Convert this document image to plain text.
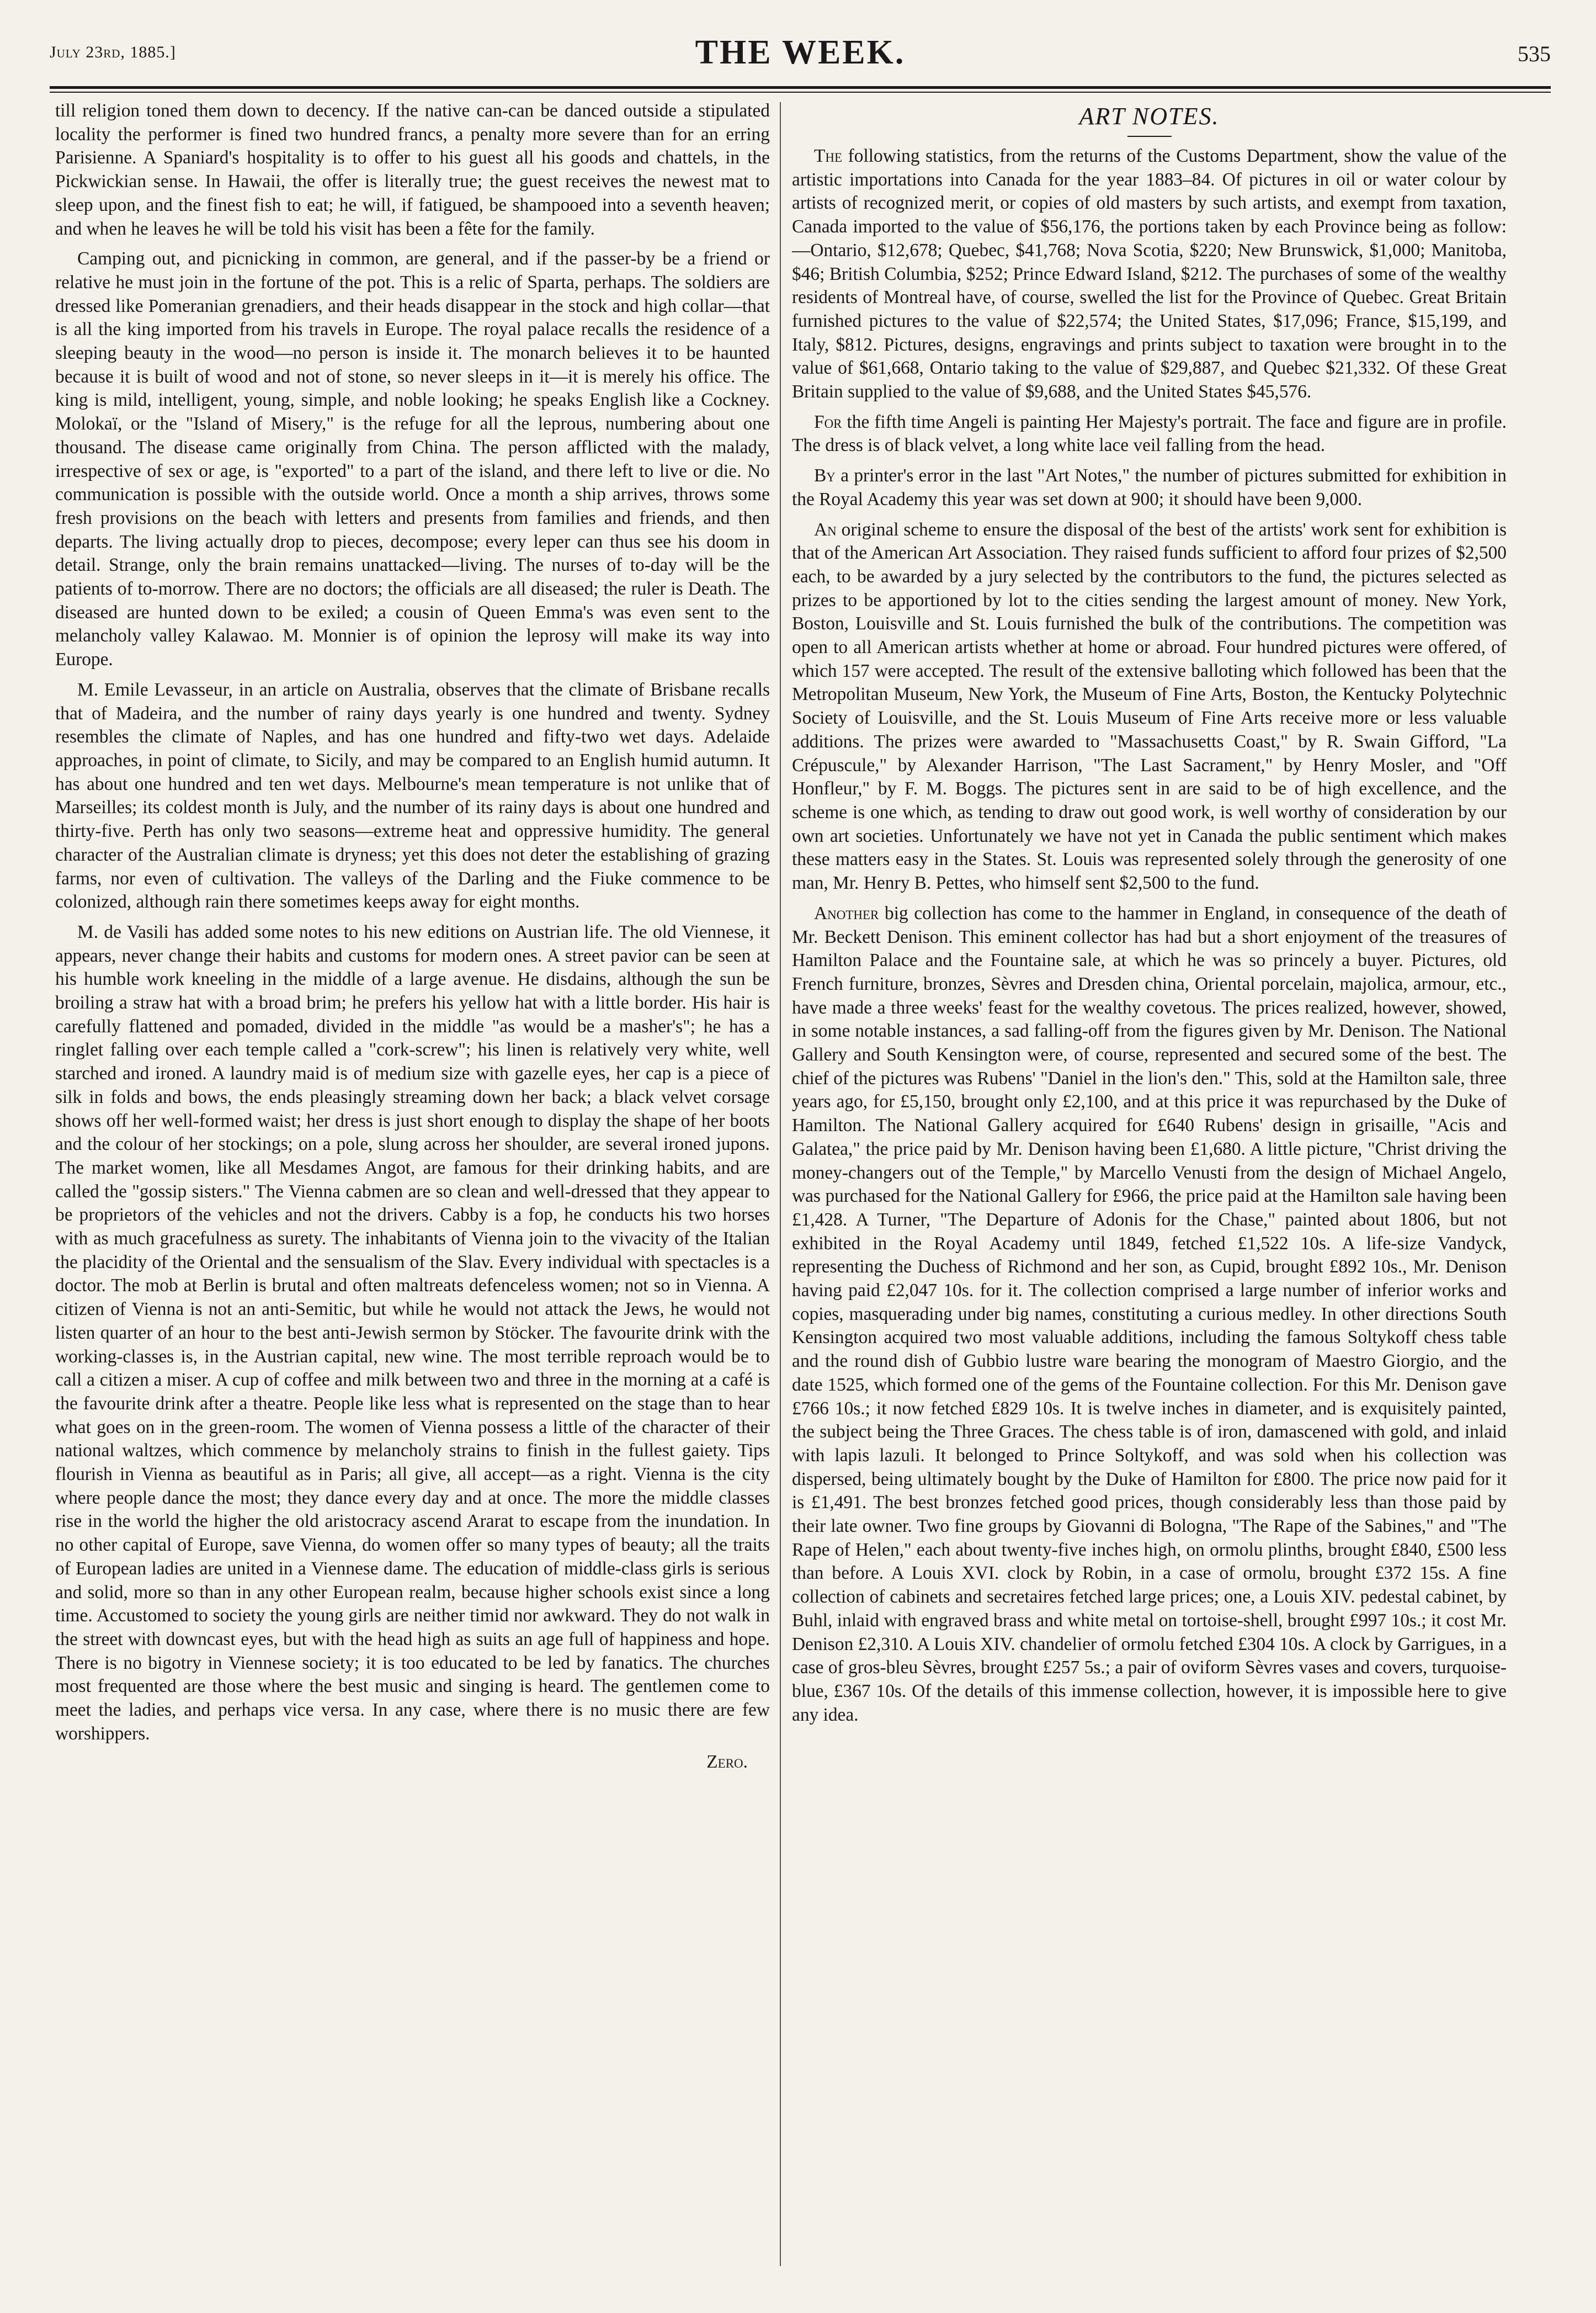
July 23rd, 1885.]	THE WEEK.	535

till religion toned them down to decency. If the native can-can be danced outside a stipulated locality the performer is fined two hundred francs, a penalty more severe than for an erring Parisienne. A Spaniard's hospitality is to offer to his guest all his goods and chattels, in the Pickwickian sense. In Hawaii, the offer is literally true; the guest receives the newest mat to sleep upon, and the finest fish to eat; he will, if fatigued, be shampooed into a seventh heaven; and when he leaves he will be told his visit has been a fête for the family.

Camping out, and picnicking in common, are general, and if the passer-by be a friend or relative he must join in the fortune of the pot. This is a relic of Sparta, perhaps. The soldiers are dressed like Pomeranian grenadiers, and their heads disappear in the stock and high collar—that is all the king imported from his travels in Europe. The royal palace recalls the residence of a sleeping beauty in the wood—no person is inside it. The monarch believes it to be haunted because it is built of wood and not of stone, so never sleeps in it—it is merely his office. The king is mild, intelligent, young, simple, and noble looking; he speaks English like a Cockney. Molokaï, or the "Island of Misery," is the refuge for all the leprous, numbering about one thousand. The disease came originally from China. The person afflicted with the malady, irrespective of sex or age, is "exported" to a part of the island, and there left to live or die. No communication is possible with the outside world. Once a month a ship arrives, throws some fresh provisions on the beach with letters and presents from families and friends, and then departs. The living actually drop to pieces, decompose; every leper can thus see his doom in detail. Strange, only the brain remains unattacked—living. The nurses of to-day will be the patients of to-morrow. There are no doctors; the officials are all diseased; the ruler is Death. The diseased are hunted down to be exiled; a cousin of Queen Emma's was even sent to the melancholy valley Kalawao. M. Monnier is of opinion the leprosy will make its way into Europe.

M. Emile Levasseur, in an article on Australia, observes that the climate of Brisbane recalls that of Madeira, and the number of rainy days yearly is one hundred and twenty. Sydney resembles the climate of Naples, and has one hundred and fifty-two wet days. Adelaide approaches, in point of climate, to Sicily, and may be compared to an English humid autumn. It has about one hundred and ten wet days. Melbourne's mean temperature is not unlike that of Marseilles; its coldest month is July, and the number of its rainy days is about one hundred and thirty-five. Perth has only two seasons—extreme heat and oppressive humidity. The general character of the Australian climate is dryness; yet this does not deter the establishing of grazing farms, nor even of cultivation. The valleys of the Darling and the Fiuke commence to be colonized, although rain there sometimes keeps away for eight months.

M. de Vasili has added some notes to his new editions on Austrian life. The old Viennese, it appears, never change their habits and customs for modern ones. A street pavior can be seen at his humble work kneeling in the middle of a large avenue. He disdains, although the sun be broiling a straw hat with a broad brim; he prefers his yellow hat with a little border. His hair is carefully flattened and pomaded, divided in the middle "as would be a masher's"; he has a ringlet falling over each temple called a "cork-screw"; his linen is relatively very white, well starched and ironed. A laundry maid is of medium size with gazelle eyes, her cap is a piece of silk in folds and bows, the ends pleasingly streaming down her back; a black velvet corsage shows off her well-formed waist; her dress is just short enough to display the shape of her boots and the colour of her stockings; on a pole, slung across her shoulder, are several ironed jupons. The market women, like all Mesdames Angot, are famous for their drinking habits, and are called the "gossip sisters." The Vienna cabmen are so clean and well-dressed that they appear to be proprietors of the vehicles and not the drivers. Cabby is a fop, he conducts his two horses with as much gracefulness as surety. The inhabitants of Vienna join to the vivacity of the Italian the placidity of the Oriental and the sensualism of the Slav. Every individual with spectacles is a doctor. The mob at Berlin is brutal and often maltreats defenceless women; not so in Vienna. A citizen of Vienna is not an anti-Semitic, but while he would not attack the Jews, he would not listen quarter of an hour to the best anti-Jewish sermon by Stöcker. The favourite drink with the working-classes is, in the Austrian capital, new wine. The most terrible reproach would be to call a citizen a miser. A cup of coffee and milk between two and three in the morning at a café is the favourite drink after a theatre. People like less what is represented on the stage than to hear what goes on in the green-room. The women of Vienna possess a little of the character of their national waltzes, which commence by melancholy strains to finish in the fullest gaiety. Tips flourish in Vienna as beautiful as in Paris; all give, all accept—as a right. Vienna is the city where people dance the most; they dance every day and at once. The more the middle classes rise in the world the higher the old aristocracy ascend Ararat to escape from the inundation. In no other capital of Europe, save Vienna, do women offer so many types of beauty; all the traits of European ladies are united in a Viennese dame. The education of middle-class girls is serious and solid, more so than in any other European realm, because higher schools exist since a long time. Accustomed to society the young girls are neither timid nor awkward. They do not walk in the street with downcast eyes, but with the head high as suits an age full of happiness and hope. There is no bigotry in Viennese society; it is too educated to be led by fanatics. The churches most frequented are those where the best music and singing is heard. The gentlemen come to meet the ladies, and perhaps vice versa. In any case, where there is no music there are few worshippers.

Zero.
ART NOTES.

The following statistics, from the returns of the Customs Department, show the value of the artistic importations into Canada for the year 1883–84. Of pictures in oil or water colour by artists of recognized merit, or copies of old masters by such artists, and exempt from taxation, Canada imported to the value of $56,176, the portions taken by each Province being as follow:—Ontario, $12,678; Quebec, $41,768; Nova Scotia, $220; New Brunswick, $1,000; Manitoba, $46; British Columbia, $252; Prince Edward Island, $212. The purchases of some of the wealthy residents of Montreal have, of course, swelled the list for the Province of Quebec. Great Britain furnished pictures to the value of $22,574; the United States, $17,096; France, $15,199, and Italy, $812. Pictures, designs, engravings and prints subject to taxation were brought in to the value of $61,668, Ontario taking to the value of $29,887, and Quebec $21,332. Of these Great Britain supplied to the value of $9,688, and the United States $45,576.

For the fifth time Angeli is painting Her Majesty's portrait. The face and figure are in profile. The dress is of black velvet, a long white lace veil falling from the head.

By a printer's error in the last "Art Notes," the number of pictures submitted for exhibition in the Royal Academy this year was set down at 900; it should have been 9,000.

An original scheme to ensure the disposal of the best of the artists' work sent for exhibition is that of the American Art Association. They raised funds sufficient to afford four prizes of $2,500 each, to be awarded by a jury selected by the contributors to the fund, the pictures selected as prizes to be apportioned by lot to the cities sending the largest amount of money. New York, Boston, Louisville and St. Louis furnished the bulk of the contributions. The competition was open to all American artists whether at home or abroad. Four hundred pictures were offered, of which 157 were accepted. The result of the extensive balloting which followed has been that the Metropolitan Museum, New York, the Museum of Fine Arts, Boston, the Kentucky Polytechnic Society of Louisville, and the St. Louis Museum of Fine Arts receive more or less valuable additions. The prizes were awarded to "Massachusetts Coast," by R. Swain Gifford, "La Crépuscule," by Alexander Harrison, "The Last Sacrament," by Henry Mosler, and "Off Honfleur," by F. M. Boggs. The pictures sent in are said to be of high excellence, and the scheme is one which, as tending to draw out good work, is well worthy of consideration by our own art societies. Unfortunately we have not yet in Canada the public sentiment which makes these matters easy in the States. St. Louis was represented solely through the generosity of one man, Mr. Henry B. Pettes, who himself sent $2,500 to the fund.

Another big collection has come to the hammer in England, in consequence of the death of Mr. Beckett Denison. This eminent collector has had but a short enjoyment of the treasures of Hamilton Palace and the Fountaine sale, at which he was so princely a buyer. Pictures, old French furniture, bronzes, Sèvres and Dresden china, Oriental porcelain, majolica, armour, etc., have made a three weeks' feast for the wealthy covetous. The prices realized, however, showed, in some notable instances, a sad falling-off from the figures given by Mr. Denison. The National Gallery and South Kensington were, of course, represented and secured some of the best. The chief of the pictures was Rubens' "Daniel in the lion's den." This, sold at the Hamilton sale, three years ago, for £5,150, brought only £2,100, and at this price it was repurchased by the Duke of Hamilton. The National Gallery acquired for £640 Rubens' design in grisaille, "Acis and Galatea," the price paid by Mr. Denison having been £1,680. A little picture, "Christ driving the money-changers out of the Temple," by Marcello Venusti from the design of Michael Angelo, was purchased for the National Gallery for £966, the price paid at the Hamilton sale having been £1,428. A Turner, "The Departure of Adonis for the Chase," painted about 1806, but not exhibited in the Royal Academy until 1849, fetched £1,522 10s. A life-size Vandyck, representing the Duchess of Richmond and her son, as Cupid, brought £892 10s., Mr. Denison having paid £2,047 10s. for it. The collection comprised a large number of inferior works and copies, masquerading under big names, constituting a curious medley. In other directions South Kensington acquired two most valuable additions, including the famous Soltykoff chess table and the round dish of Gubbio lustre ware bearing the monogram of Maestro Giorgio, and the date 1525, which formed one of the gems of the Fountaine collection. For this Mr. Denison gave £766 10s.; it now fetched £829 10s. It is twelve inches in diameter, and is exquisitely painted, the subject being the Three Graces. The chess table is of iron, damascened with gold, and inlaid with lapis lazuli. It belonged to Prince Soltykoff, and was sold when his collection was dispersed, being ultimately bought by the Duke of Hamilton for £800. The price now paid for it is £1,491. The best bronzes fetched good prices, though considerably less than those paid by their late owner. Two fine groups by Giovanni di Bologna, "The Rape of the Sabines," and "The Rape of Helen," each about twenty-five inches high, on ormolu plinths, brought £840, £500 less than before. A Louis XVI. clock by Robin, in a case of ormolu, brought £372 15s. A fine collection of cabinets and secretaires fetched large prices; one, a Louis XIV. pedestal cabinet, by Buhl, inlaid with engraved brass and white metal on tortoise-shell, brought £997 10s.; it cost Mr. Denison £2,310. A Louis XIV. chandelier of ormolu fetched £304 10s. A clock by Garrigues, in a case of gros-bleu Sèvres, brought £257 5s.; a pair of oviform Sèvres vases and covers, turquoise-blue, £367 10s. Of the details of this immense collection, however, it is impossible here to give any idea.
